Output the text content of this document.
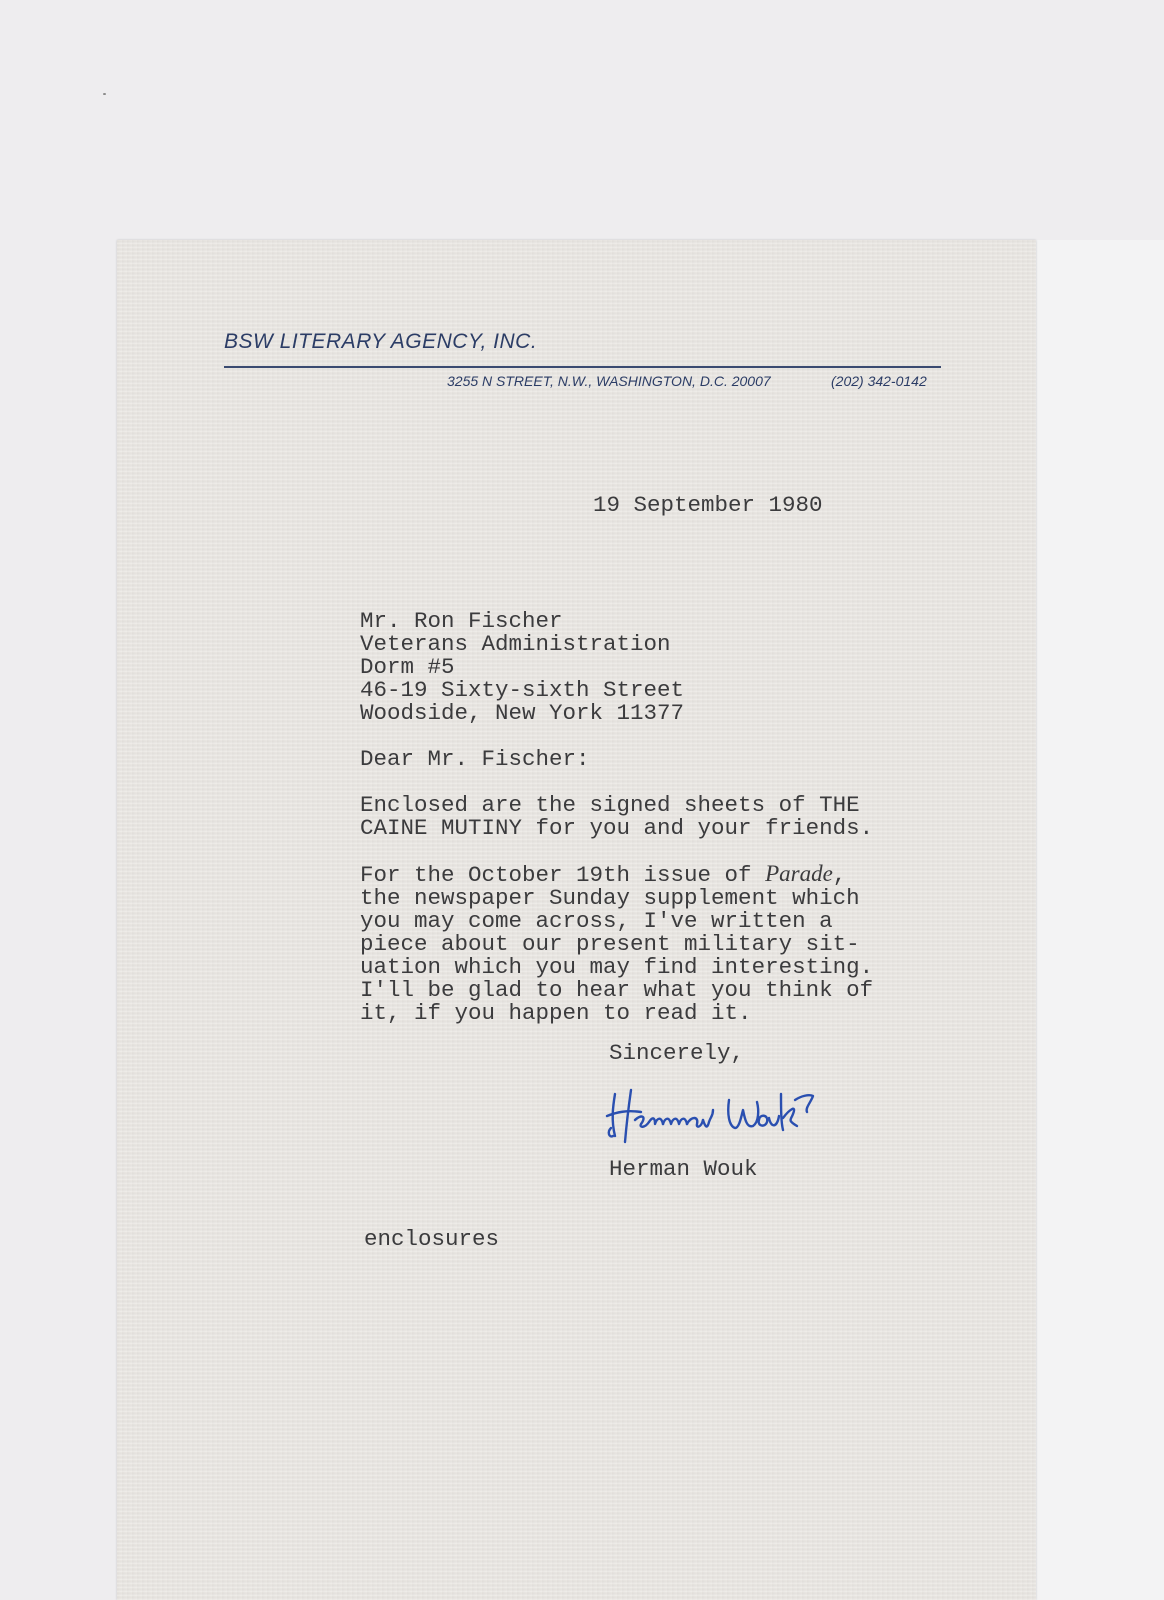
BSW LITERARY AGENCY, INC.
3255 N STREET, N.W., WASHINGTON, D.C. 20007	(202) 342-0142
19 September 1980
Mr. Ron Fischer
Veterans Administration
Dorm #5
46-19 Sixty-sixth Street
Woodside, New York 11377
Dear Mr. Fischer:
Enclosed are the signed sheets of THE
CAINE MUTINY for you and your friends.
For the October 19th issue of Parade,
the newspaper Sunday supplement which
you may come across, I've written a
piece about our present military sit-
uation which you may find interesting.
I'll be glad to hear what you think of
it, if you happen to read it.
Sincerely,
Herman Wouk
enclosures
